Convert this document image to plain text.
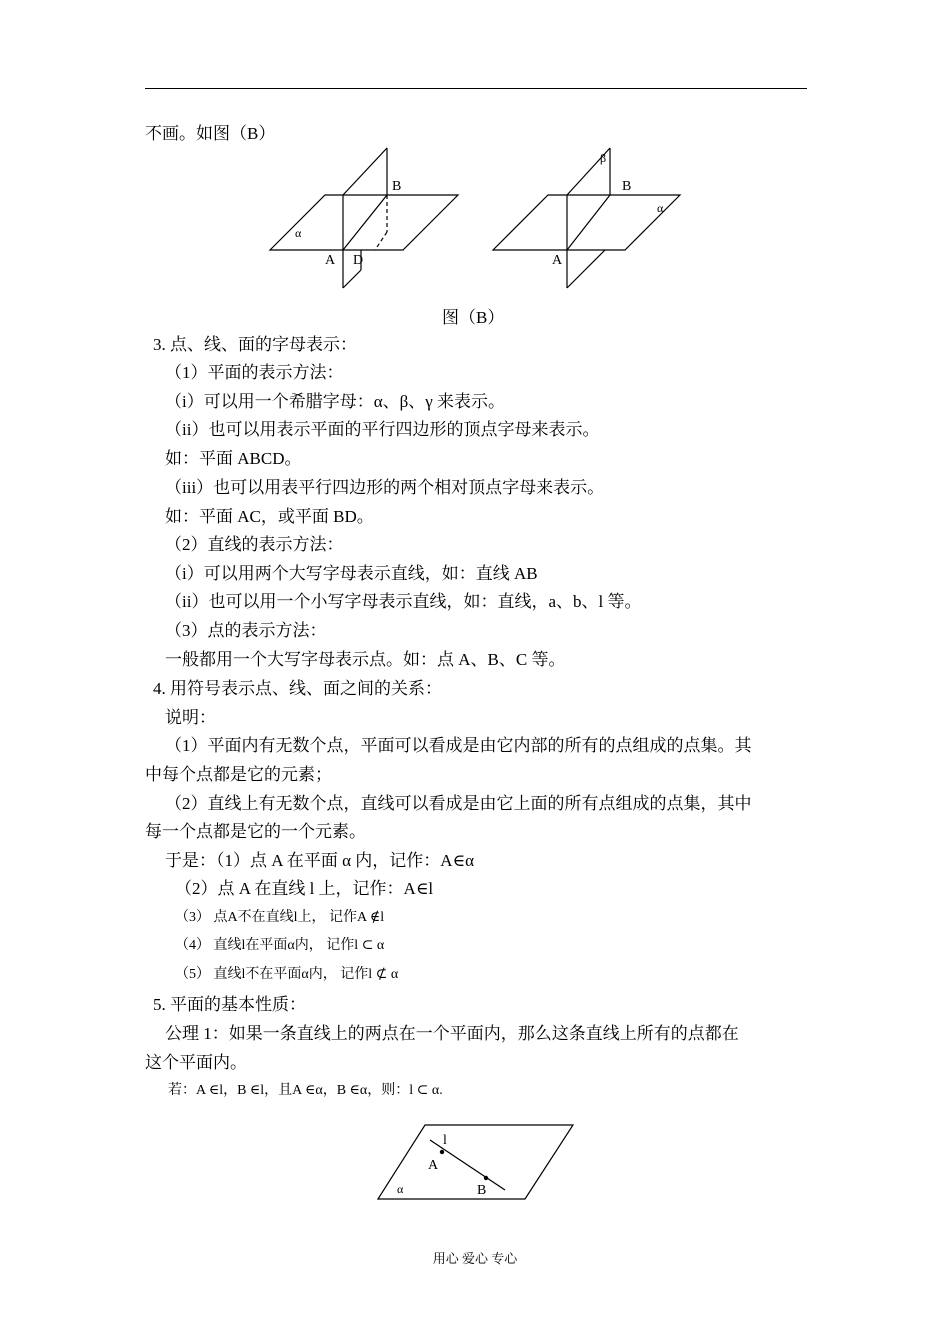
不画。如图（B）
B
α
A D
β
B
α
A
图（B）
3. 点、线、面的字母表示：
（1）平面的表示方法：
（i）可以用一个希腊字母：α、β、γ 来表示。
（ii）也可以用表示平面的平行四边形的顶点字母来表示。
如：平面 ABCD。
（iii）也可以用表平行四边形的两个相对顶点字母来表示。
如：平面 AC，或平面 BD。
（2）直线的表示方法：
（i）可以用两个大写字母表示直线，如：直线 AB
（ii）也可以用一个小写字母表示直线，如：直线，a、b、l 等。
（3）点的表示方法：
一般都用一个大写字母表示点。如：点 A、B、C 等。
4. 用符号表示点、线、面之间的关系：
说明：
（1）平面内有无数个点，平面可以看成是由它内部的所有的点组成的点集。其
中每个点都是它的元素；
（2）直线上有无数个点，直线可以看成是由它上面的所有点组成的点集，其中
每一个点都是它的一个元素。
于是：（1）点 A 在平面 α 内，记作：A∈α
（2）点 A 在直线 l 上，记作：A∈l
（3） 点A不在直线l上， 记作A ∉l
（4） 直线l在平面α内， 记作l ⊂ α
（5） 直线l不在平面α内， 记作l ⊄ α
5. 平面的基本性质：
公理 1：如果一条直线上的两点在一个平面内，那么这条直线上所有的点都在
这个平面内。
若：A ∈l，B ∈l，且A ∈α，B ∈α，则：l ⊂ α.
l
A
B
α
用心 爱心 专心
